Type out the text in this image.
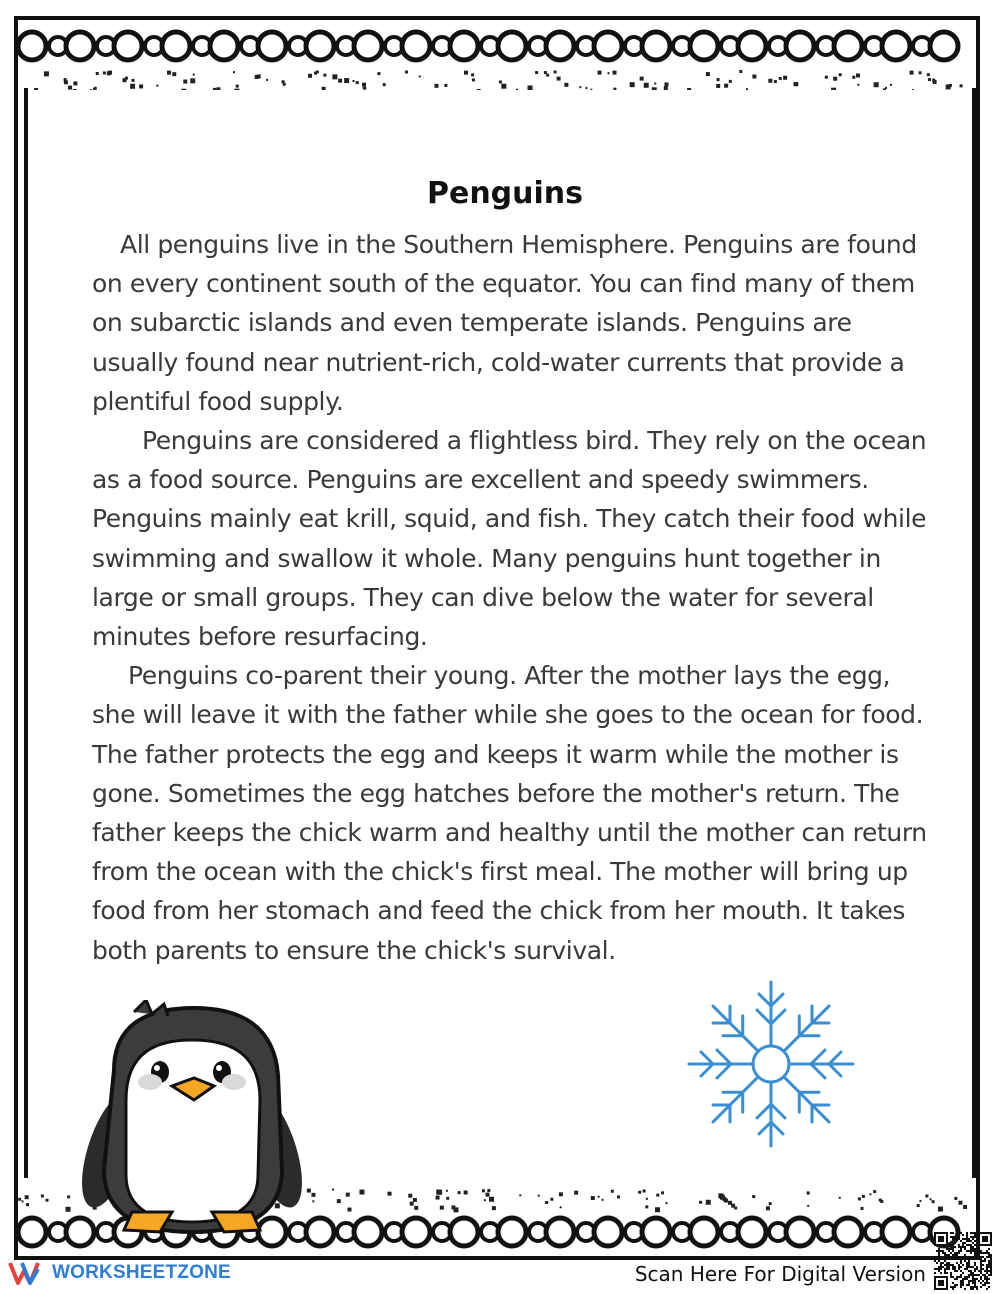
Penguins

All penguins live in the Southern Hemisphere. Penguins are found on every continent south of the equator. You can find many of them on subarctic islands and even temperate islands. Penguins are usually found near nutrient-rich, cold-water currents that provide a plentiful food supply.

Penguins are considered a flightless bird. They rely on the ocean as a food source. Penguins are excellent and speedy swimmers. Penguins mainly eat krill, squid, and fish. They catch their food while swimming and swallow it whole. Many penguins hunt together in large or small groups. They can dive below the water for several minutes before resurfacing.

Penguins co-parent their young. After the mother lays the egg, she will leave it with the father while she goes to the ocean for food. The father protects the egg and keeps it warm while the mother is gone. Sometimes the egg hatches before the mother's return. The father keeps the chick warm and healthy until the mother can return from the ocean with the chick's first meal. The mother will bring up food from her stomach and feed the chick from her mouth. It takes both parents to ensure the chick's survival.

WORKSHEETZONE	Scan Here For Digital Version
